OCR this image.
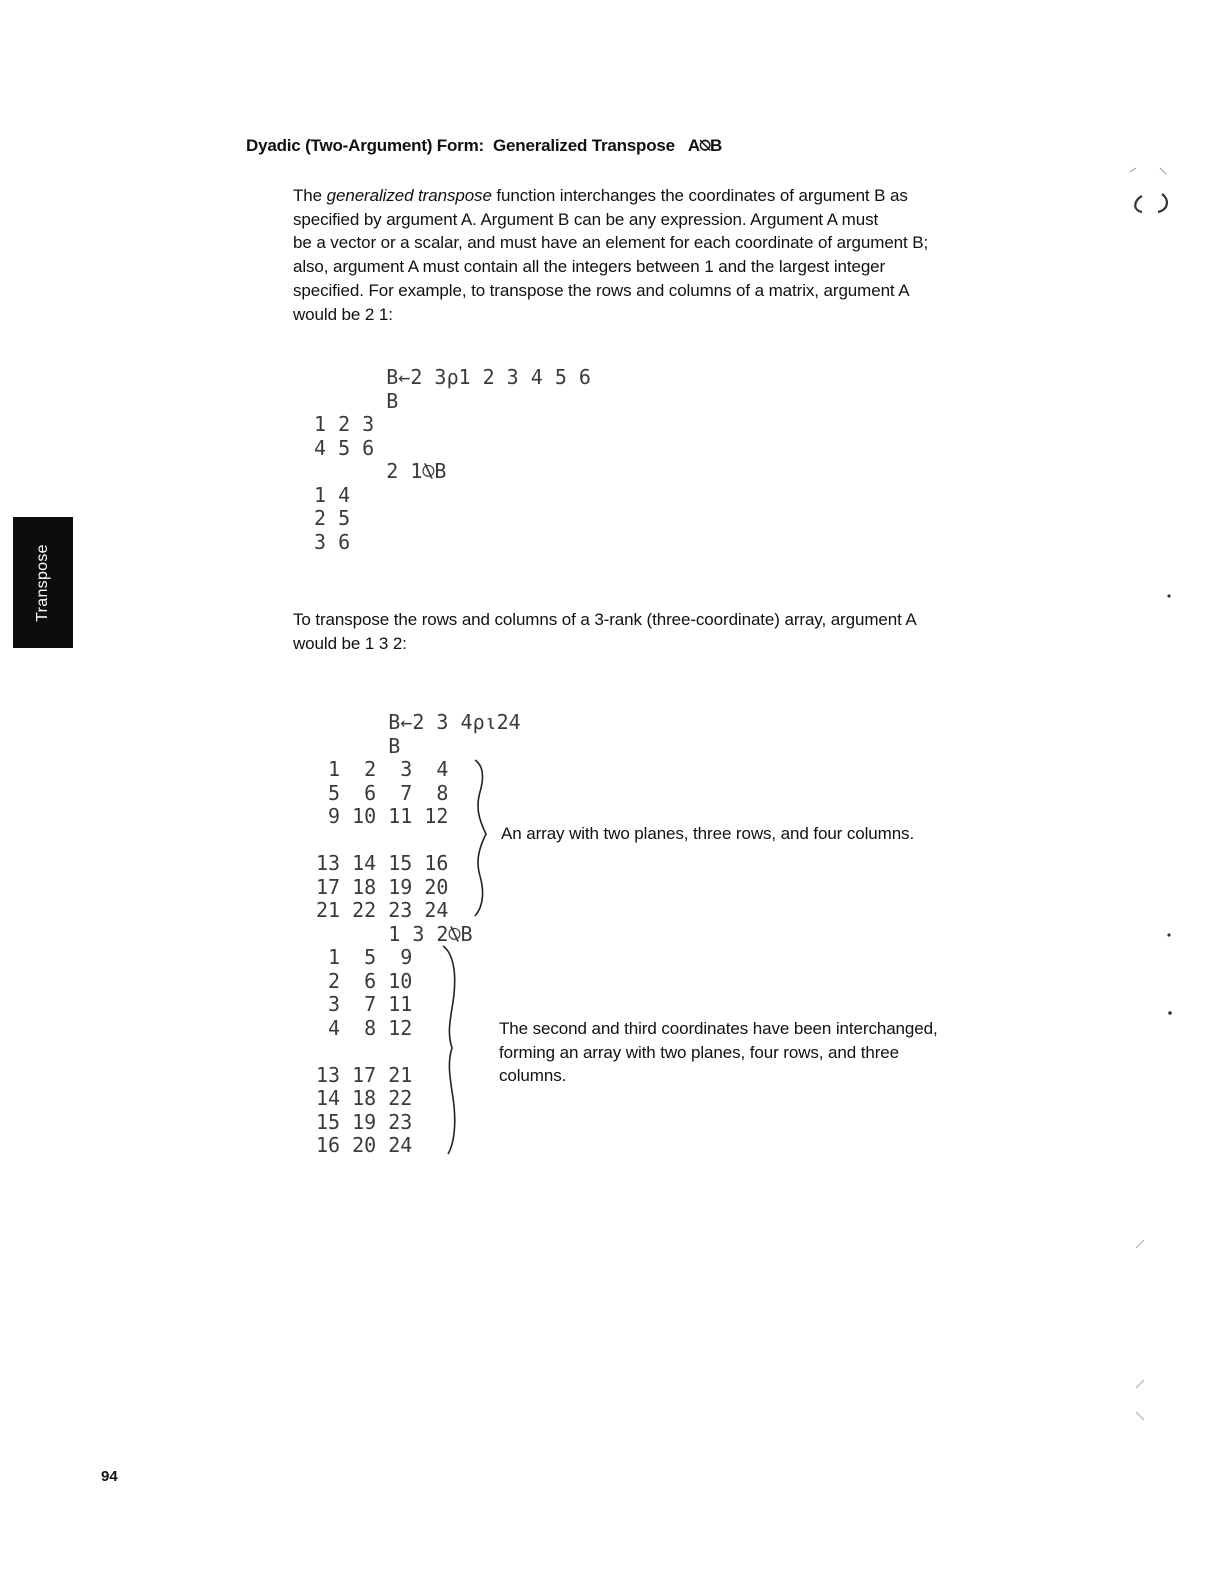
Dyadic (Two-Argument) Form: Generalized Transpose A⍉B
The generalized transpose function interchanges the coordinates of argument B as
specified by argument A. Argument B can be any expression. Argument A must
be a vector or a scalar, and must have an element for each coordinate of argument B;
also, argument A must contain all the integers between 1 and the largest integer
specified. For example, to transpose the rows and columns of a matrix, argument A
would be 2 1:
B←2 3⍴1 2 3 4 5 6
B
1 2 3
4 5 6
2 1⍉B
1 4
2 5
3 6
Transpose	To transpose the rows and columns of a 3-rank (three-coordinate) array, argument A
would be 1 3 2:
B←2 3 4⍴⍳24
B
1  2  3  4
5  6  7  8
9 10 11 12

13 14 15 16
17 18 19 20
21 22 23 24
1 3 2⍉B
1  5  9
2  6 10
3  7 11
4  8 12

13 17 21
14 18 22
15 19 23
16 20 24
An array with two planes, three rows, and four columns.
The second and third coordinates have been interchanged,
forming an array with two planes, four rows, and three
columns.
94
